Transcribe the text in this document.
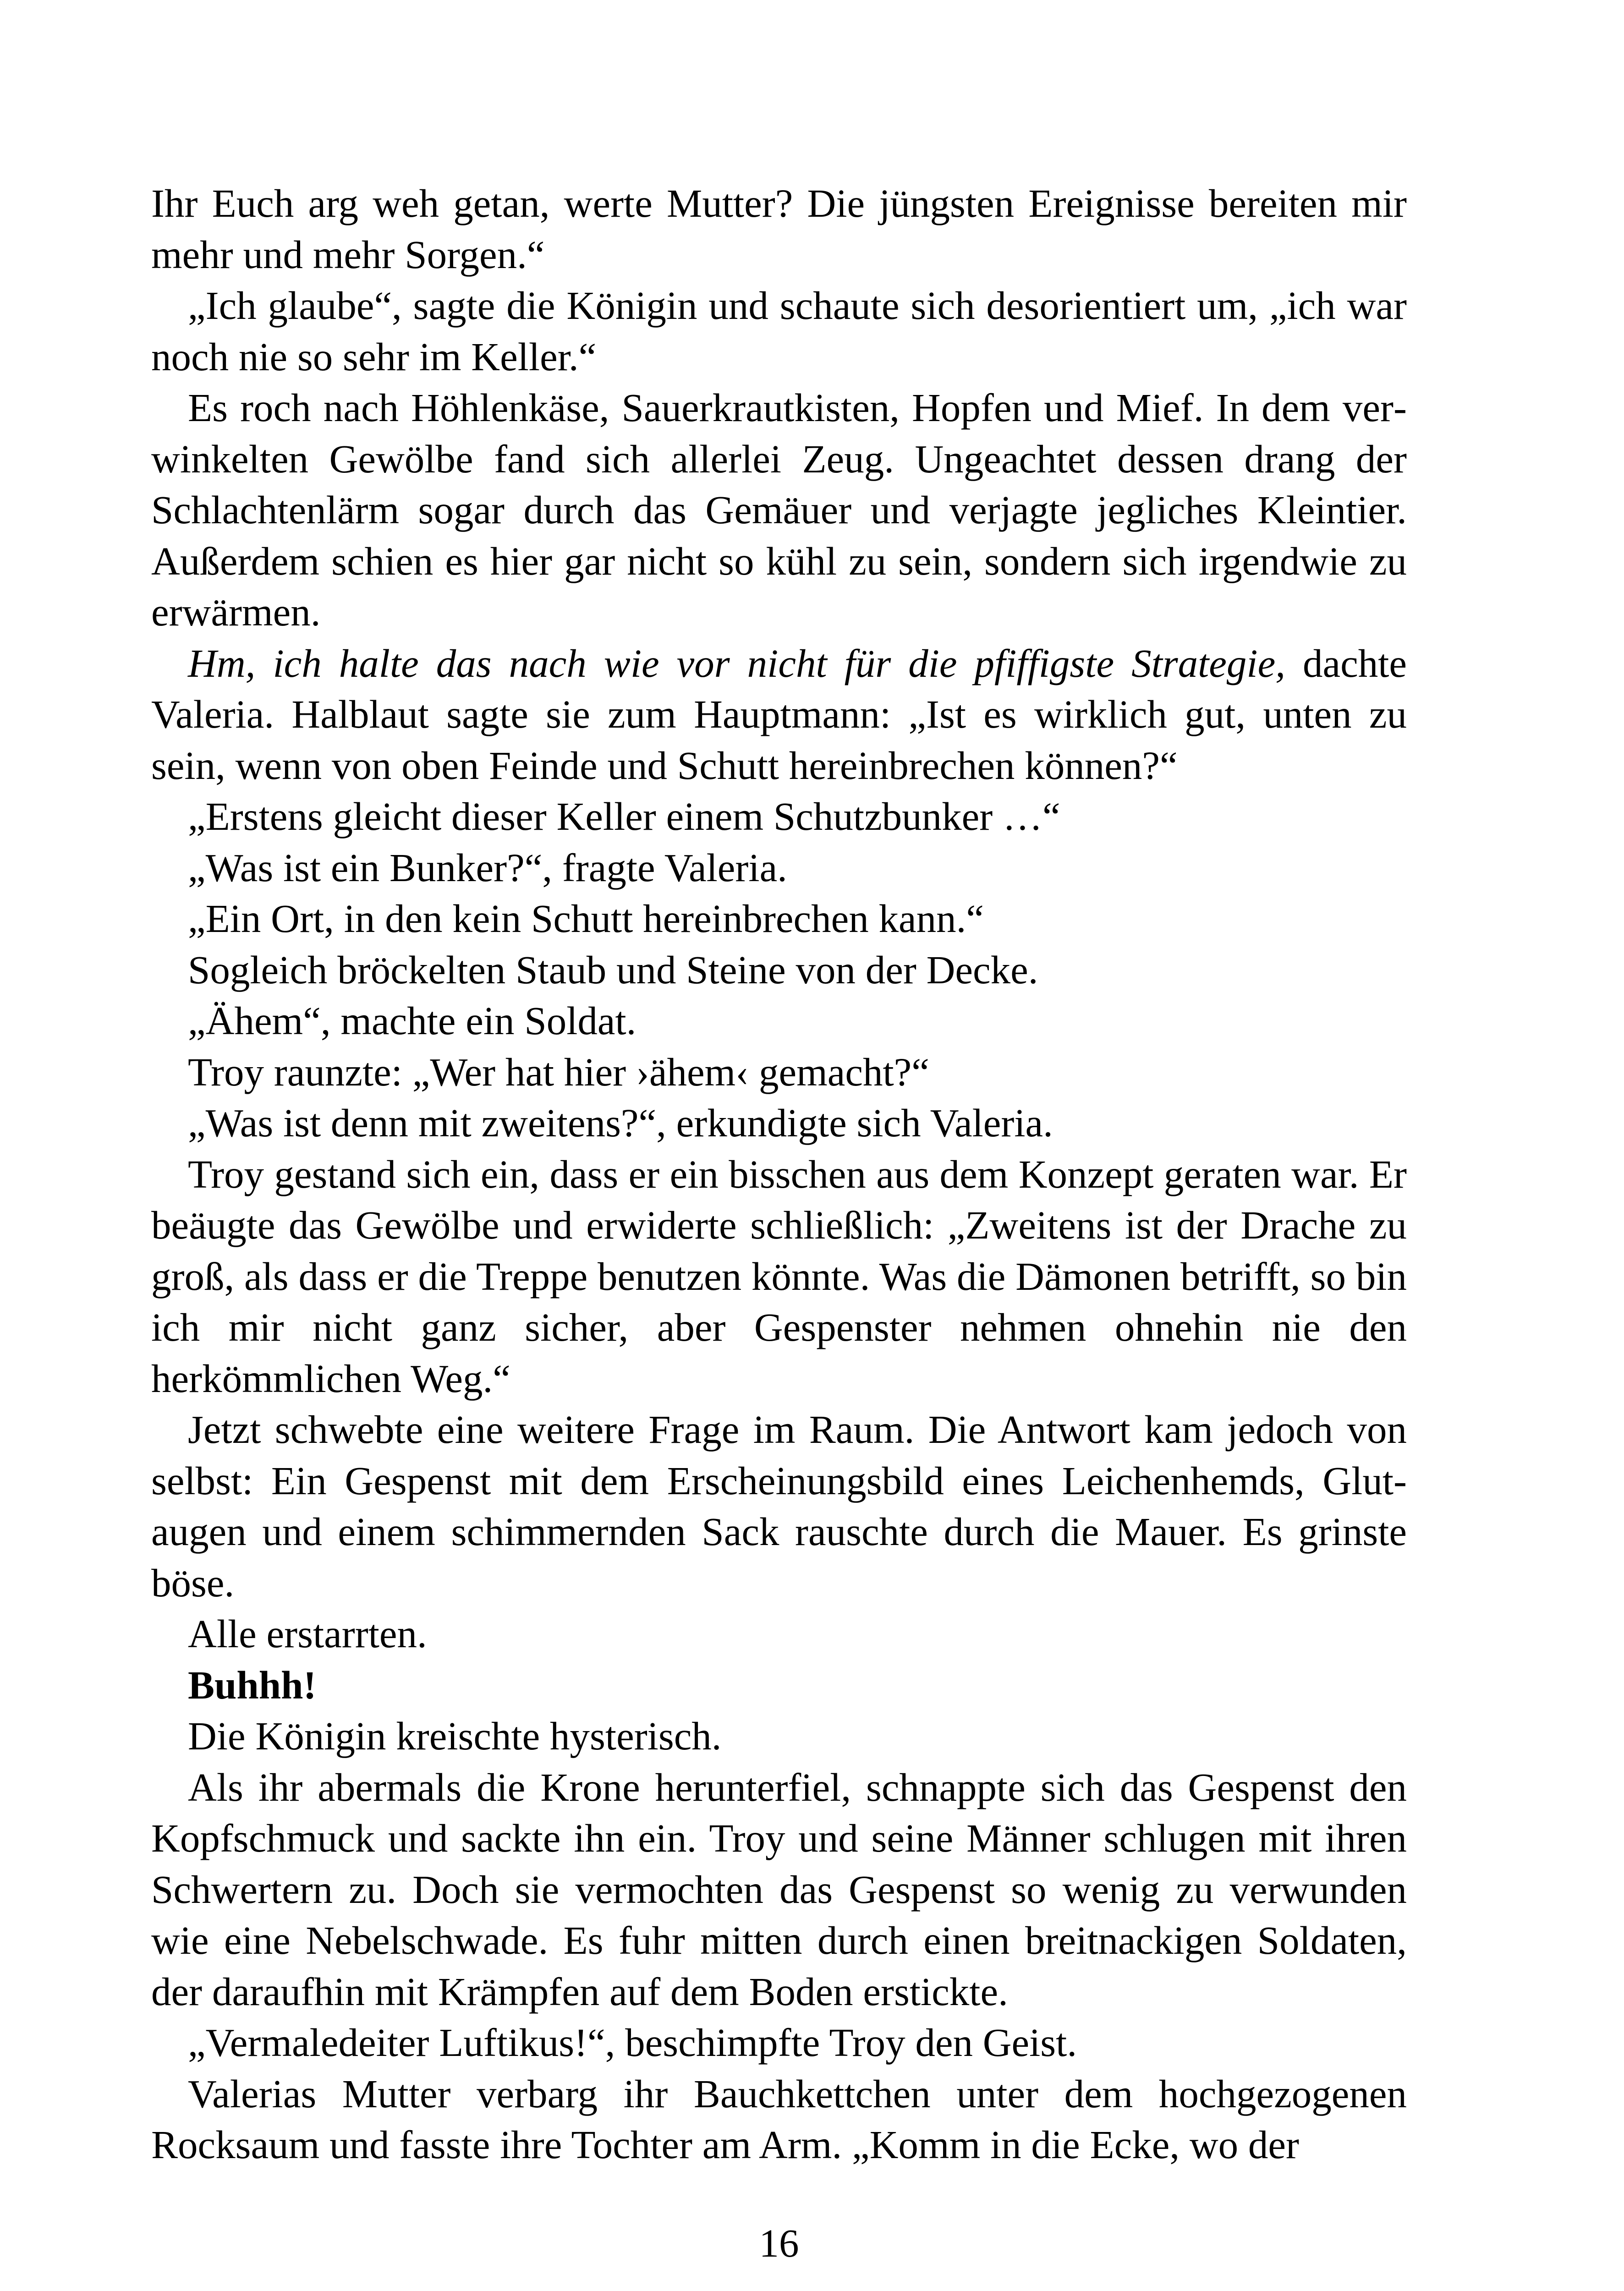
Ihr Euch arg weh getan, werte Mutter? Die jüngsten Ereignisse bereiten mir mehr und mehr Sorgen.“

„Ich glaube“, sagte die Königin und schaute sich desorientiert um, „ich war noch nie so sehr im Keller.“

Es roch nach Höhlenkäse, Sauerkrautkisten, Hopfen und Mief. In dem verwinkelten Gewölbe fand sich allerlei Zeug. Ungeachtet dessen drang der Schlachtenlärm sogar durch das Gemäuer und verjagte jegliches Kleintier. Außerdem schien es hier gar nicht so kühl zu sein, sondern sich irgendwie zu erwärmen.

Hm, ich halte das nach wie vor nicht für die pfiffigste Strategie, dachte Valeria. Halblaut sagte sie zum Hauptmann: „Ist es wirklich gut, unten zu sein, wenn von oben Feinde und Schutt hereinbrechen können?“

„Erstens gleicht dieser Keller einem Schutzbunker …“

„Was ist ein Bunker?“, fragte Valeria.

„Ein Ort, in den kein Schutt hereinbrechen kann.“

Sogleich bröckelten Staub und Steine von der Decke.

„Ähem“, machte ein Soldat.

Troy raunzte: „Wer hat hier ›ähem‹ gemacht?“

„Was ist denn mit zweitens?“, erkundigte sich Valeria.

Troy gestand sich ein, dass er ein bisschen aus dem Konzept geraten war. Er beäugte das Gewölbe und erwiderte schließlich: „Zweitens ist der Drache zu groß, als dass er die Treppe benutzen könnte. Was die Dämonen betrifft, so bin ich mir nicht ganz sicher, aber Gespenster nehmen ohnehin nie den herkömmlichen Weg.“

Jetzt schwebte eine weitere Frage im Raum. Die Antwort kam jedoch von selbst: Ein Gespenst mit dem Erscheinungsbild eines Leichenhemds, Glutaugen und einem schimmernden Sack rauschte durch die Mauer. Es grinste böse.

Alle erstarrten.

Buhhh!

Die Königin kreischte hysterisch.

Als ihr abermals die Krone herunterfiel, schnappte sich das Gespenst den Kopfschmuck und sackte ihn ein. Troy und seine Männer schlugen mit ihren Schwertern zu. Doch sie vermochten das Gespenst so wenig zu verwunden wie eine Nebelschwade. Es fuhr mitten durch einen breitnackigen Soldaten, der daraufhin mit Krämpfen auf dem Boden erstickte.

„Vermaledeiter Luftikus!“, beschimpfte Troy den Geist.

Valerias Mutter verbarg ihr Bauchkettchen unter dem hochgezogenen Rocksaum und fasste ihre Tochter am Arm. „Komm in die Ecke, wo der

16
